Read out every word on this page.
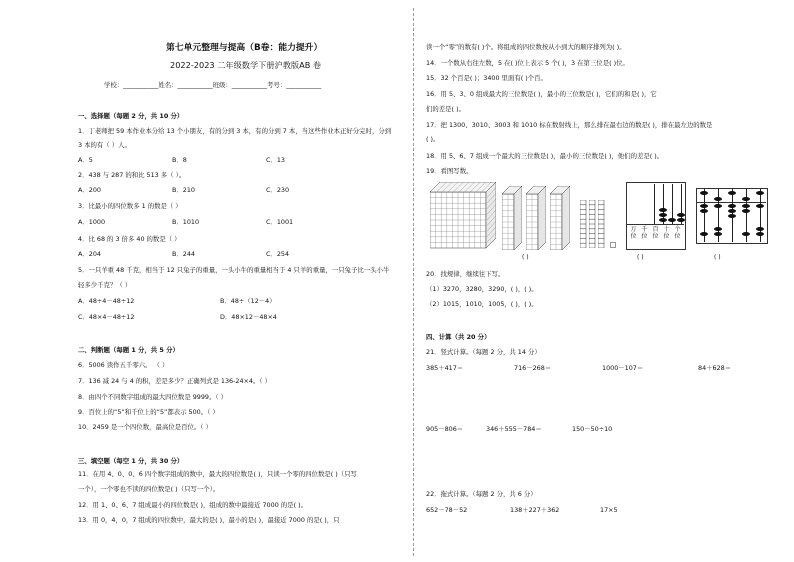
第七单元整理与提高（B卷：能力提升）
2022-2023 二年级数学下册沪教版AB 卷
学校：___________姓名：___________班级：___________考号：___________
一、选择题（每题 2 分，共 10 分）
1．丁老师把 59 本作业本分给 13 个小朋友，有的分到 3 本，有的分到 7 本，当这些作业本正好分完时，分到
3 本的有（ ）人。
A．5	B．8	C．13
2．438 与 287 的和比 513 多（ ）。
A．200	B．210	C．230
3．比最小的四位数多 1 的数是（ ）
A．1000	B．1010	C．1001
4．比 68 的 3 倍多 40 的数是（ ）
A．204	B．244	C．254
5．一只羊重 48 千克，相当于 12 只兔子的重量，一头小牛的重量相当于 4 只羊的重量，一只兔子比一头小牛
轻多少千克？（ ）
A．48÷4－48÷12	B．48÷（12－4）
C．48×4－48÷12	D．48×12－48×4
二、判断题（每题 1 分，共 5 分）
6．5006 读作五千零六。 （ ）
7．136 减 24 与 4 的积，差是多少？正确列式是 136-24×4。（ ）
8．由四个不同数字组成的最大四位数是 9999。（ ）
9．百位上的“5”和千位上的“5”都表示 500。（ ）
10．2459 是一个四位数，最高位是百位。（ ）
三、填空题（每空 1 分，共 30 分）
11．在用 4、0、0、6 四个数字组成的数中，最大的四位数是( )，只读一个零的四位数是( )（只写
一个），一个零也不读的四位数是( )（只写一个）。
12．用 1、0、6、7 组成最小的四位数是( )，组成的数中最接近 7000 的是( )。
13．用 0，4，0，7 组成的四位数中，最大的是( )，最小的是( )，最接近 7000 的是( )，只
读一个“零”的数有( )个。将组成的四位数按从小到大的顺序排列为( )。
14．一个数从右往左数，5 在( )位上表示 5 个( )，3 在第三位是( )位。
15．32 个百是( )；3400 里面有( )个百。
16．用 5、3、0 组成最大的三位数是( )，最小的三位数是( )，它们的和是( )，它
们的差是( )。
17．把 1300、3010、3003 和 1010 标在数射线上，那么排在最右边的数是( )，排在最左边的数是
( )。
18．用 5、6、7 组成一个最大的三位数是( )，最小的三位数是( )，他们的差是( )。
19．看图写数。
万位
千位
百位
十位
个位
( )	( )	( )
20．找规律，继续往下写。
（1）3270，3280，3290，( )，( )。
（2）1015，1010，1005，( )，( )。
四、计算（共 20 分）
21．竖式计算。（每题 2 分，共 14 分）
385＋417＝	716－268＝	1000－107＝	84＋628＝
905－806＝	346＋555－784＝	150－50÷10
22．拖式计算。（每题 2 分，共 6 分）
652－78－52	138＋227＋362	17×5
